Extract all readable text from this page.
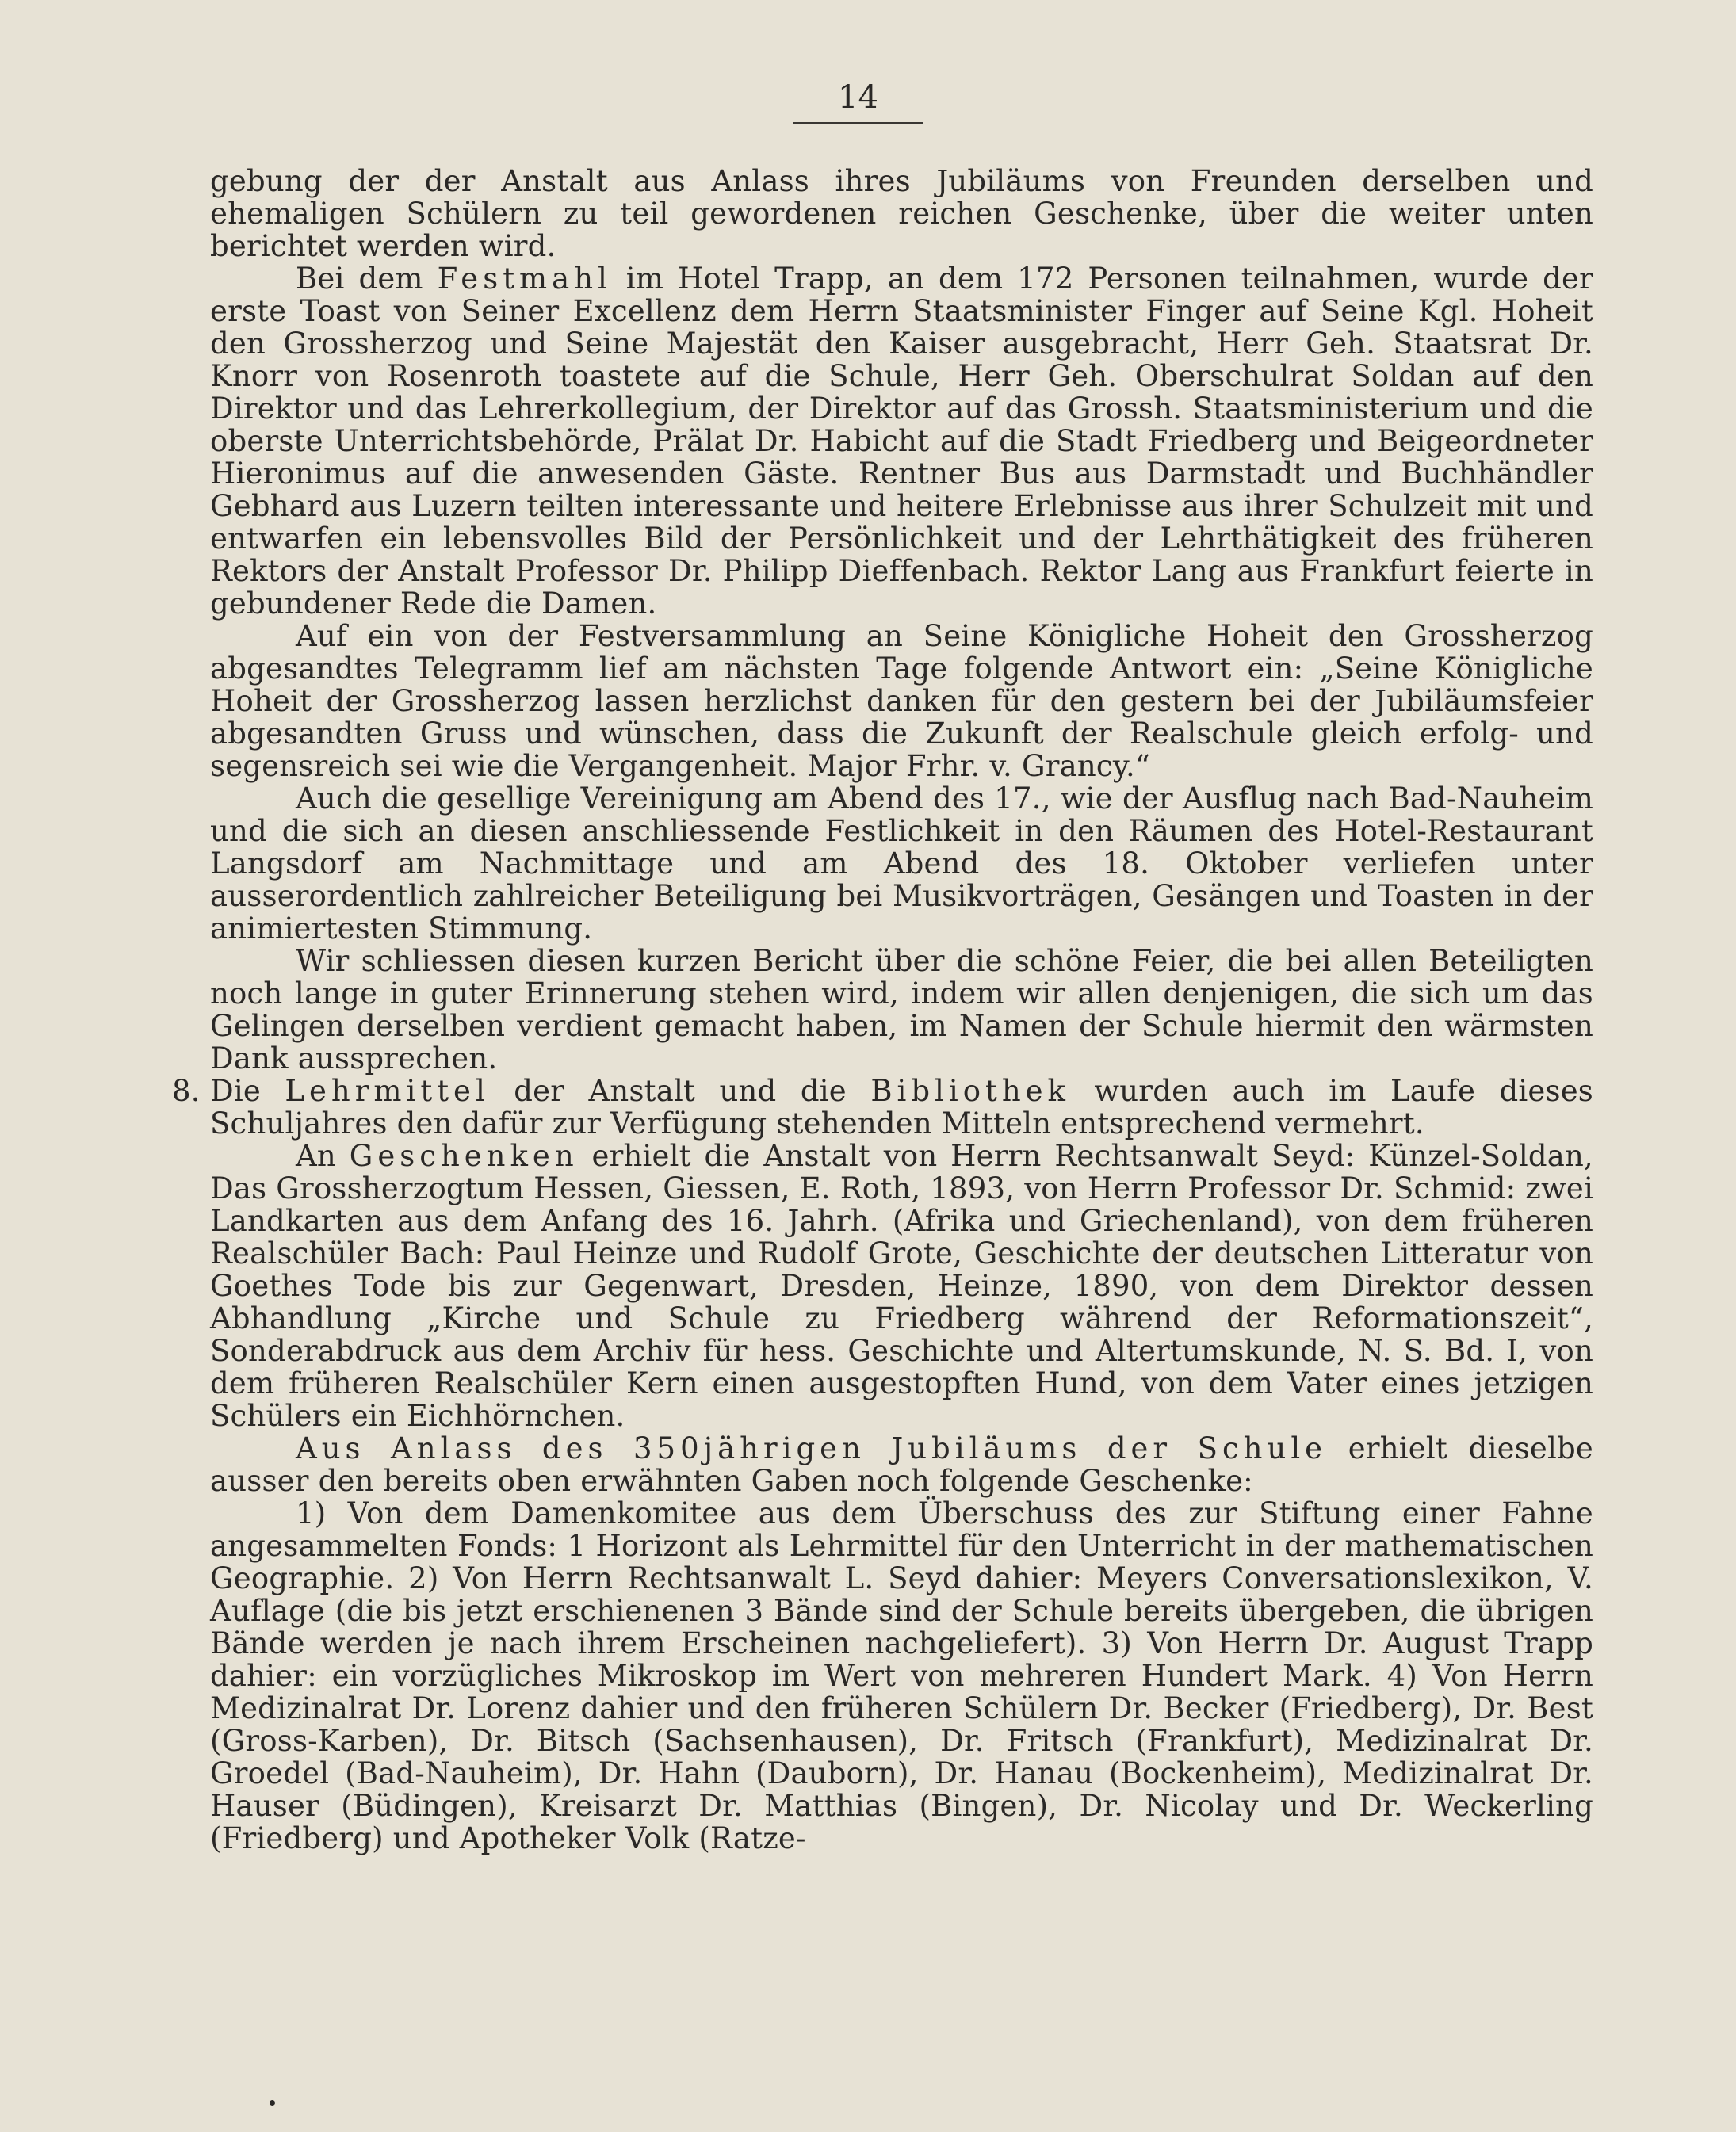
14

gebung der der Anstalt aus Anlass ihres Jubiläums von Freunden derselben und ehemaligen Schülern zu teil gewordenen reichen Geschenke, über die weiter unten berichtet werden wird.

Bei dem Festmahl im Hotel Trapp, an dem 172 Personen teilnahmen, wurde der erste Toast von Seiner Excellenz dem Herrn Staatsminister Finger auf Seine Kgl. Hoheit den Grossherzog und Seine Majestät den Kaiser ausgebracht, Herr Geh. Staatsrat Dr. Knorr von Rosenroth toastete auf die Schule, Herr Geh. Oberschulrat Soldan auf den Direktor und das Lehrerkollegium, der Direktor auf das Grossh. Staatsministerium und die oberste Unterrichtsbehörde, Prälat Dr. Habicht auf die Stadt Friedberg und Beigeordneter Hieronimus auf die anwesenden Gäste. Rentner Bus aus Darmstadt und Buchhändler Gebhard aus Luzern teilten interessante und heitere Erlebnisse aus ihrer Schulzeit mit und entwarfen ein lebensvolles Bild der Persönlichkeit und der Lehrthätigkeit des früheren Rektors der Anstalt Professor Dr. Philipp Dieffenbach. Rektor Lang aus Frankfurt feierte in gebundener Rede die Damen.

Auf ein von der Festversammlung an Seine Königliche Hoheit den Grossherzog abgesandtes Telegramm lief am nächsten Tage folgende Antwort ein: „Seine Königliche Hoheit der Grossherzog lassen herzlichst danken für den gestern bei der Jubiläumsfeier abgesandten Gruss und wünschen, dass die Zukunft der Realschule gleich erfolg- und segensreich sei wie die Vergangenheit. Major Frhr. v. Grancy.“

Auch die gesellige Vereinigung am Abend des 17., wie der Ausflug nach Bad-Nauheim und die sich an diesen anschliessende Festlichkeit in den Räumen des Hotel-Restaurant Langsdorf am Nachmittage und am Abend des 18. Oktober verliefen unter ausserordentlich zahlreicher Beteiligung bei Musikvorträgen, Gesängen und Toasten in der animiertesten Stimmung.

Wir schliessen diesen kurzen Bericht über die schöne Feier, die bei allen Beteiligten noch lange in guter Erinnerung stehen wird, indem wir allen denjenigen, die sich um das Gelingen derselben verdient gemacht haben, im Namen der Schule hiermit den wärmsten Dank aussprechen.

8. Die Lehrmittel der Anstalt und die Bibliothek wurden auch im Laufe dieses Schuljahres den dafür zur Verfügung stehenden Mitteln entsprechend vermehrt.

An Geschenken erhielt die Anstalt von Herrn Rechtsanwalt Seyd: Künzel-Soldan, Das Grossherzogtum Hessen, Giessen, E. Roth, 1893, von Herrn Professor Dr. Schmid: zwei Landkarten aus dem Anfang des 16. Jahrh. (Afrika und Griechenland), von dem früheren Realschüler Bach: Paul Heinze und Rudolf Grote, Geschichte der deutschen Litteratur von Goethes Tode bis zur Gegenwart, Dresden, Heinze, 1890, von dem Direktor dessen Abhandlung „Kirche und Schule zu Friedberg während der Reformationszeit“, Sonderabdruck aus dem Archiv für hess. Geschichte und Altertumskunde, N. S. Bd. I, von dem früheren Realschüler Kern einen ausgestopften Hund, von dem Vater eines jetzigen Schülers ein Eichhörnchen.

Aus Anlass des 350jährigen Jubiläums der Schule erhielt dieselbe ausser den bereits oben erwähnten Gaben noch folgende Geschenke:

1) Von dem Damenkomitee aus dem Überschuss des zur Stiftung einer Fahne angesammelten Fonds: 1 Horizont als Lehrmittel für den Unterricht in der mathematischen Geographie. 2) Von Herrn Rechtsanwalt L. Seyd dahier: Meyers Conversationslexikon, V. Auflage (die bis jetzt erschienenen 3 Bände sind der Schule bereits übergeben, die übrigen Bände werden je nach ihrem Erscheinen nachgeliefert). 3) Von Herrn Dr. August Trapp dahier: ein vorzügliches Mikroskop im Wert von mehreren Hundert Mark. 4) Von Herrn Medizinalrat Dr. Lorenz dahier und den früheren Schülern Dr. Becker (Friedberg), Dr. Best (Gross-Karben), Dr. Bitsch (Sachsenhausen), Dr. Fritsch (Frankfurt), Medizinalrat Dr. Groedel (Bad-Nauheim), Dr. Hahn (Dauborn), Dr. Hanau (Bockenheim), Medizinalrat Dr. Hauser (Büdingen), Kreisarzt Dr. Matthias (Bingen), Dr. Nicolay und Dr. Weckerling (Friedberg) und Apotheker Volk (Ratze-
